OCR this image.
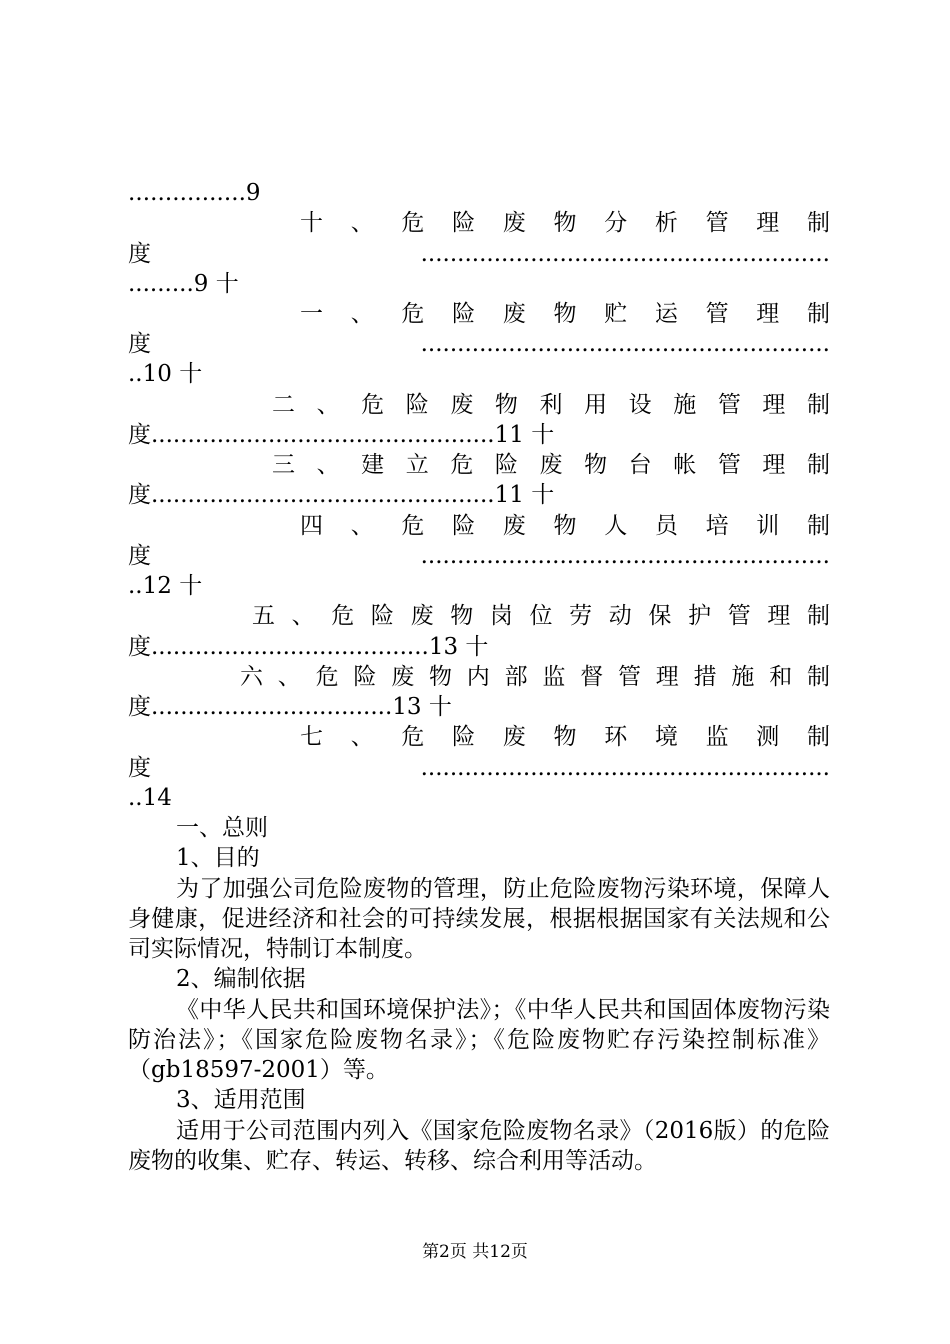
................9
十 、 危 险 废 物 分 析 管 理 制
度........................................................
.........9 十
一 、 危 险 废 物 贮 运 管 理 制
度........................................................
..10 十
二 、 危 险 废 物 利 用 设 施 管 理 制
度...............................................11 十
三 、 建 立 危 险 废 物 台 帐 管 理 制
度...............................................11 十
四 、 危 险 废 物 人 员 培 训 制
度........................................................
..12 十
五 、 危 险 废 物 岗 位 劳 动 保 护 管 理 制
度......................................13 十
六 、 危 险 废 物 内 部 监 督 管 理 措 施 和 制
度.................................13 十
七 、 危 险 废 物 环 境 监 测 制
度........................................................
..14
一、总则
1、目的
为了加强公司危险废物的管理，防止危险废物污染环境，保障人身健康，促进经济和社会的可持续发展，根据根据国家有关法规和公司实际情况，特制订本制度。
2、编制依据
《中华人民共和国环境保护法》；《中华人民共和国固体废物污染防治法》；《国家危险废物名录》；《危险废物贮存污染控制标准》（gb18597-2001）等。
3、适用范围
适用于公司范围内列入《国家危险废物名录》（2016版）的危险废物的收集、贮存、转运、转移、综合利用等活动。
第2页 共12页
